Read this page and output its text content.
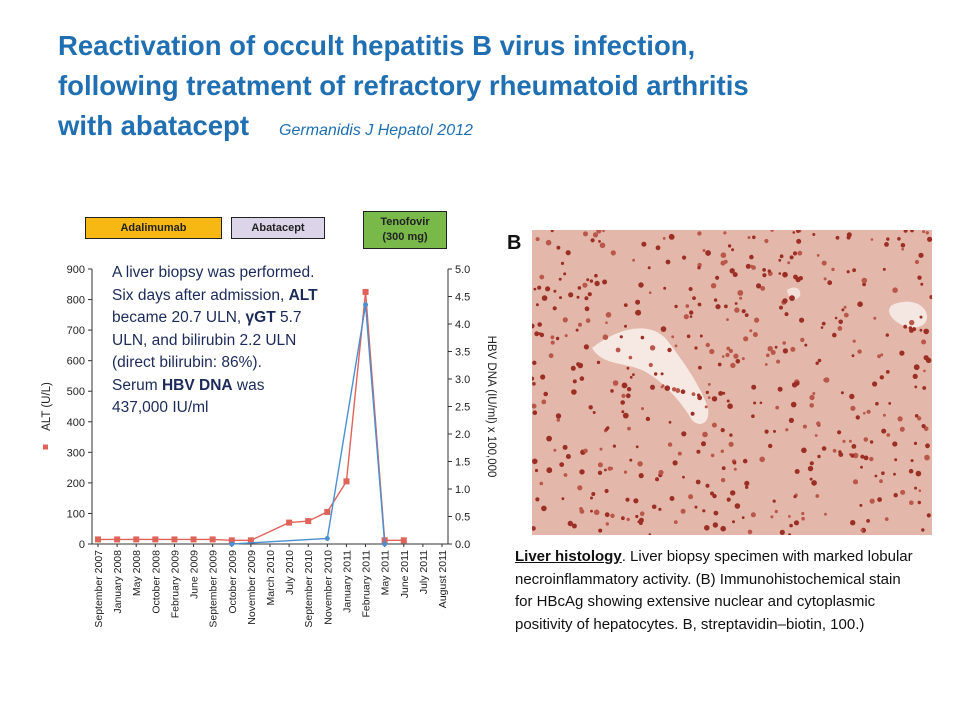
Reactivation of occult hepatitis B virus infection,
following treatment of refractory rheumatoid arthritis
with abatacept Germanidis J Hepatol 2012
Adalimumab	Abatacept	Tenofovir
(300 mg)
0
100
200
300
400
500
600
700
800
900
0.0
0.5
1.0
1.5
2.0
2.5
3.0
3.5
4.0
4.5
5.0
September 2007 January 2008 May 2008 October 2008 February 2009 June 2009 September 2009 October 2009 November 2009 March 2010 July 2010 September 2010 November 2010 January 2011 February 2011 May 2011 June 2011 July 2011 August 2011
ALT (U/L)	HBV DNA (IU/ml) x 100,000

A liver biopsy was performed. Six days after admission, ALT became 20.7 ULN, γGT 5.7 ULN, and bilirubin 2.2 ULN (direct bilirubin: 86%).

Serum HBV DNA was 437,000 IU/ml

B

Liver histology. Liver biopsy specimen with marked lobular necroinflammatory activity. (B) Immunohistochemical stain for HBcAg showing extensive nuclear and cytoplasmic positivity of hepatocytes. B, streptavidin–biotin, 100.)
